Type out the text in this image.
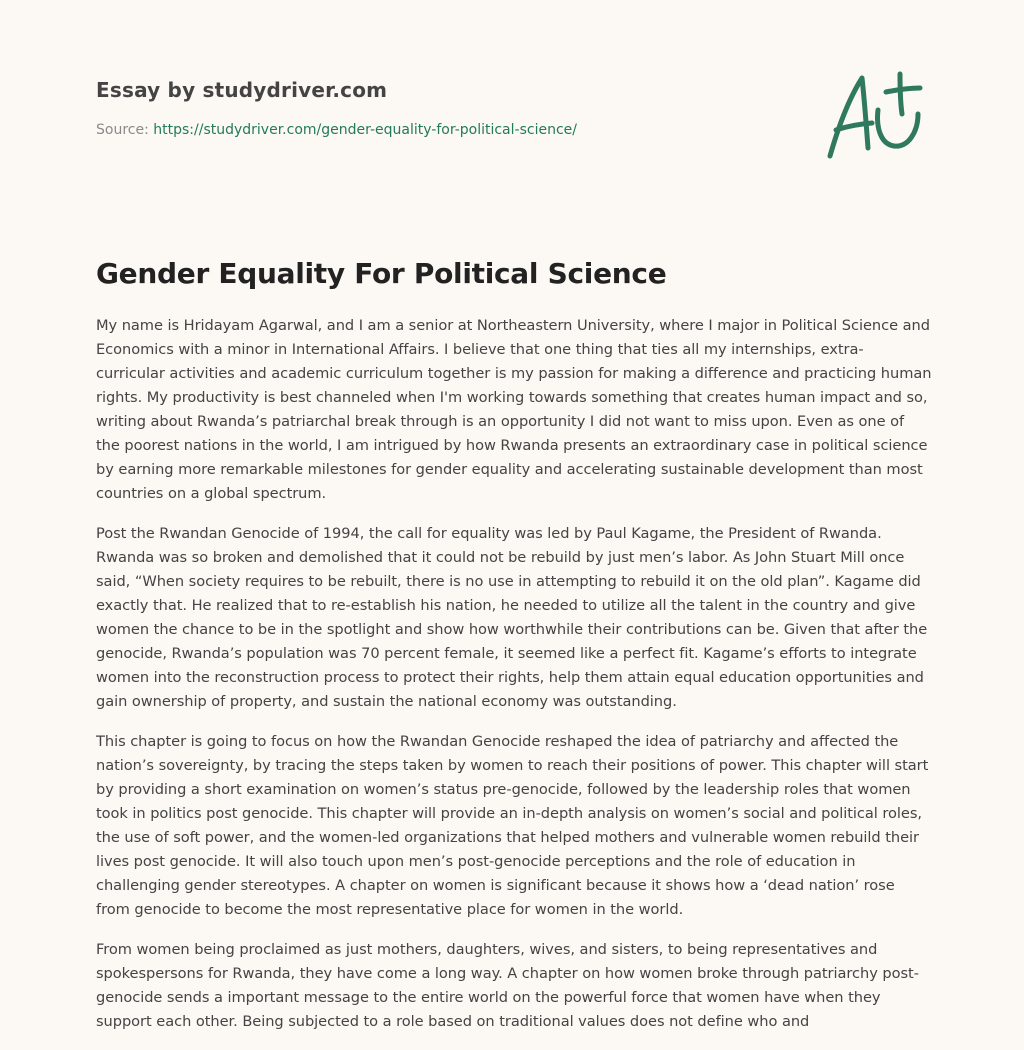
Essay by studydriver.com
Source: https://studydriver.com/gender-equality-for-political-science/
Gender Equality For Political Science

My name is Hridayam Agarwal, and I am a senior at Northeastern University, where I major in Political Science and Economics with a minor in International Affairs. I believe that one thing that ties all my internships, extra-curricular activities and academic curriculum together is my passion for making a difference and practicing human rights. My productivity is best channeled when I'm working towards something that creates human impact and so, writing about Rwanda’s patriarchal break through is an opportunity I did not want to miss upon. Even as one of the poorest nations in the world, I am intrigued by how Rwanda presents an extraordinary case in political science by earning more remarkable milestones for gender equality and accelerating sustainable development than most countries on a global spectrum.

Post the Rwandan Genocide of 1994, the call for equality was led by Paul Kagame, the President of Rwanda. Rwanda was so broken and demolished that it could not be rebuild by just men’s labor. As John Stuart Mill once said, “When society requires to be rebuilt, there is no use in attempting to rebuild it on the old plan”. Kagame did exactly that. He realized that to re-establish his nation, he needed to utilize all the talent in the country and give women the chance to be in the spotlight and show how worthwhile their contributions can be. Given that after the genocide, Rwanda’s population was 70 percent female, it seemed like a perfect fit. Kagame’s efforts to integrate women into the reconstruction process to protect their rights, help them attain equal education opportunities and gain ownership of property, and sustain the national economy was outstanding.

This chapter is going to focus on how the Rwandan Genocide reshaped the idea of patriarchy and affected the nation’s sovereignty, by tracing the steps taken by women to reach their positions of power. This chapter will start by providing a short examination on women’s status pre-genocide, followed by the leadership roles that women took in politics post genocide. This chapter will provide an in-depth analysis on women’s social and political roles, the use of soft power, and the women-led organizations that helped mothers and vulnerable women rebuild their lives post genocide. It will also touch upon men’s post-genocide perceptions and the role of education in challenging gender stereotypes. A chapter on women is significant because it shows how a ‘dead nation’ rose from genocide to become the most representative place for women in the world.

From women being proclaimed as just mothers, daughters, wives, and sisters, to being representatives and spokespersons for Rwanda, they have come a long way. A chapter on how women broke through patriarchy post-genocide sends a important message to the entire world on the powerful force that women have when they support each other. Being subjected to a role based on traditional values does not define who and
